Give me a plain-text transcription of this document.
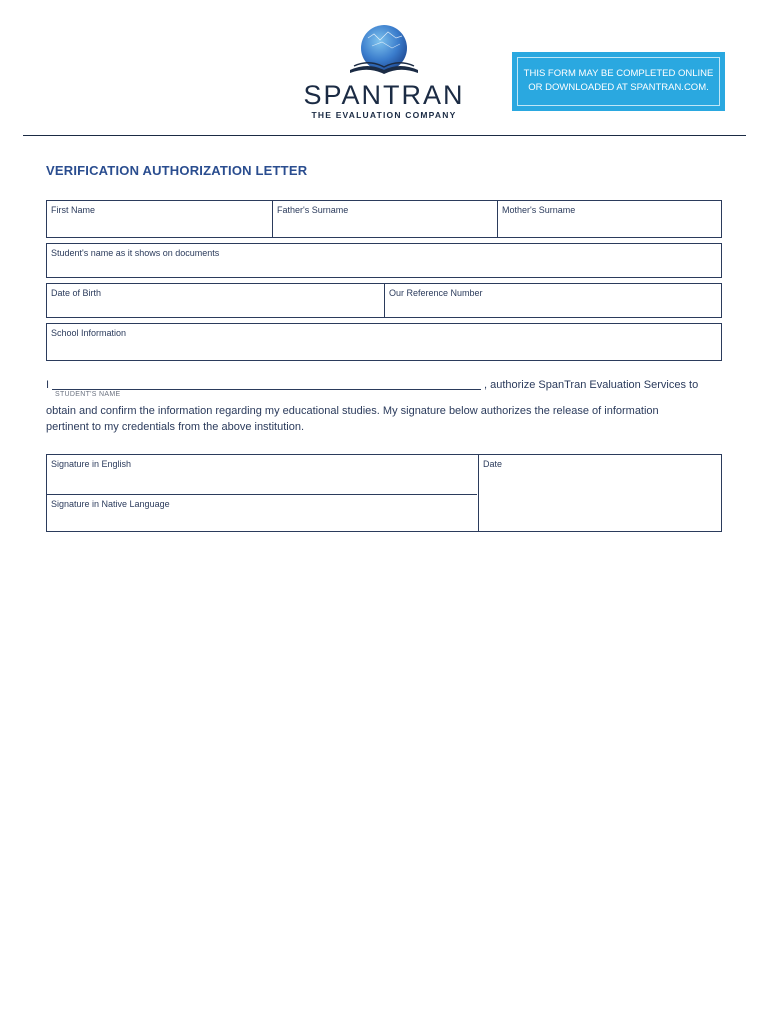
SPANTRAN
THE EVALUATION COMPANY
THIS FORM MAY BE COMPLETED ONLINE
OR DOWNLOADED AT SPANTRAN.COM.
VERIFICATION AUTHORIZATION LETTER
First Name	Father's Surname	Mother's Surname
Student's name as it shows on documents
Date of Birth	Our Reference Number
School Information
I	, authorize SpanTran Evaluation Services to
STUDENT'S NAME
obtain and confirm the information regarding my educational studies. My signature below authorizes the release of information
pertinent to my credentials from the above institution.
Signature in English
Signature in Native Language
Date
